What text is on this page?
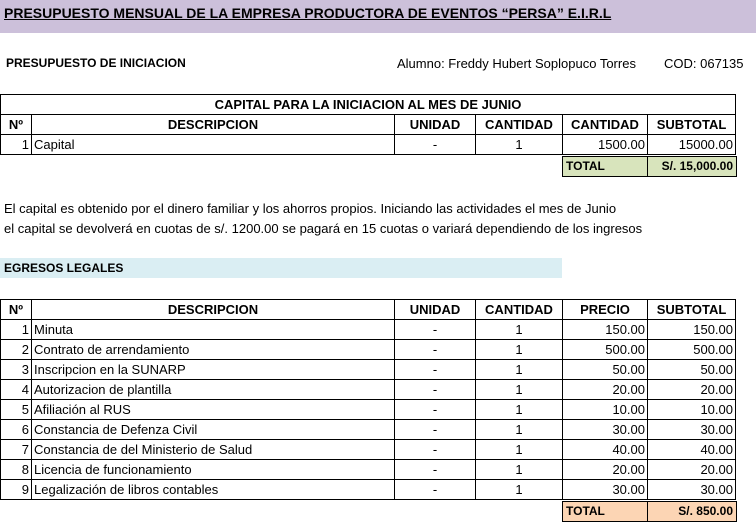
PRESUPUESTO MENSUAL DE LA EMPRESA PRODUCTORA DE EVENTOS “PERSA” E.I.R.L
PRESUPUESTO DE INICIACION	Alumno: Freddy Hubert Soplopuco Torres COD: 067135
CAPITAL PARA LA INICIACION AL MES DE JUNIO					
Nº	DESCRIPCION	UNIDAD	CANTIDAD	CANTIDAD	SUBTOTAL
1	Capital	-	1	1500.00	15000.00
TOTAL	S/. 15,000.00
El capital es obtenido por el dinero familiar y los ahorros propios. Iniciando las actividades el mes de Junio
el capital se devolverá en cuotas de s/. 1200.00 se pagará en 15 cuotas o variará dependiendo de los ingresos
EGRESOS LEGALES
Nº	DESCRIPCION	UNIDAD	CANTIDAD	PRECIO	SUBTOTAL
1	Minuta	-	1	150.00	150.00
2	Contrato de arrendamiento	-	1	500.00	500.00
3	Inscripcion en la SUNARP	-	1	50.00	50.00
4	Autorizacion de plantilla	-	1	20.00	20.00
5	Afiliación al RUS	-	1	10.00	10.00
6	Constancia de Defenza Civil	-	1	30.00	30.00
7	Constancia de del Ministerio de Salud	-	1	40.00	40.00
8	Licencia de funcionamiento	-	1	20.00	20.00
9	Legalización de libros contables	-	1	30.00	30.00
TOTAL	S/. 850.00
